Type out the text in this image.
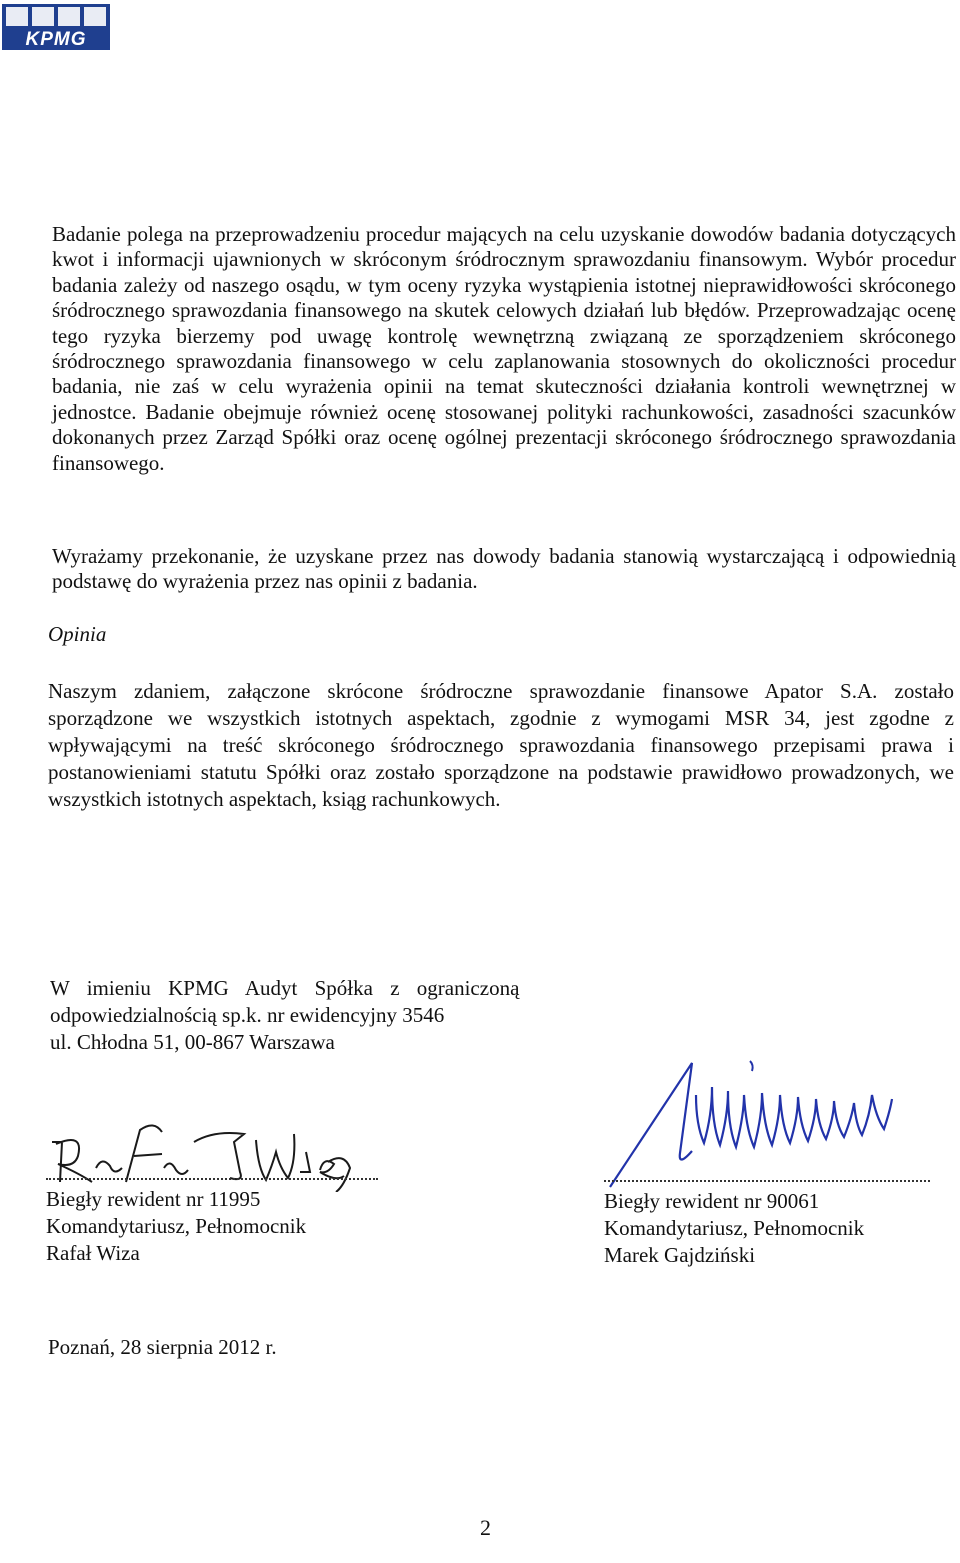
KPMG

Badanie polega na przeprowadzeniu procedur mających na celu uzyskanie dowodów badania dotyczących kwot i informacji ujawnionych w skróconym śródrocznym sprawozdaniu finansowym. Wybór procedur badania zależy od naszego osądu, w tym oceny ryzyka wystąpienia istotnej nieprawidłowości skróconego śródrocznego sprawozdania finansowego na skutek celowych działań lub błędów. Przeprowadzając ocenę tego ryzyka bierzemy pod uwagę kontrolę wewnętrzną związaną ze sporządzeniem skróconego śródrocznego sprawozdania finansowego w celu zaplanowania stosownych do okoliczności procedur badania, nie zaś w celu wyrażenia opinii na temat skuteczności działania kontroli wewnętrznej w jednostce. Badanie obejmuje również ocenę stosowanej polityki rachunkowości, zasadności szacunków dokonanych przez Zarząd Spółki oraz ocenę ogólnej prezentacji skróconego śródrocznego sprawozdania finansowego.

Wyrażamy przekonanie, że uzyskane przez nas dowody badania stanowią wystarczającą i odpowiednią podstawę do wyrażenia przez nas opinii z badania.

Opinia

Naszym zdaniem, załączone skrócone śródroczne sprawozdanie finansowe Apator S.A. zostało sporządzone we wszystkich istotnych aspektach, zgodnie z wymogami MSR 34, jest zgodne z wpływającymi na treść skróconego śródrocznego sprawozdania finansowego przepisami prawa i postanowieniami statutu Spółki oraz zostało sporządzone na podstawie prawidłowo prowadzonych, we wszystkich istotnych aspektach, ksiąg rachunkowych.

W imieniu KPMG Audyt Spółka z ograniczoną
odpowiedzialnością sp.k. nr ewidencyjny 3546
ul. Chłodna 51, 00-867 Warszawa
Biegły rewident nr 11995
Komandytariusz, Pełnomocnik
Rafał Wiza
Biegły rewident nr 90061
Komandytariusz, Pełnomocnik
Marek Gajdziński
Poznań, 28 sierpnia 2012 r.
2
